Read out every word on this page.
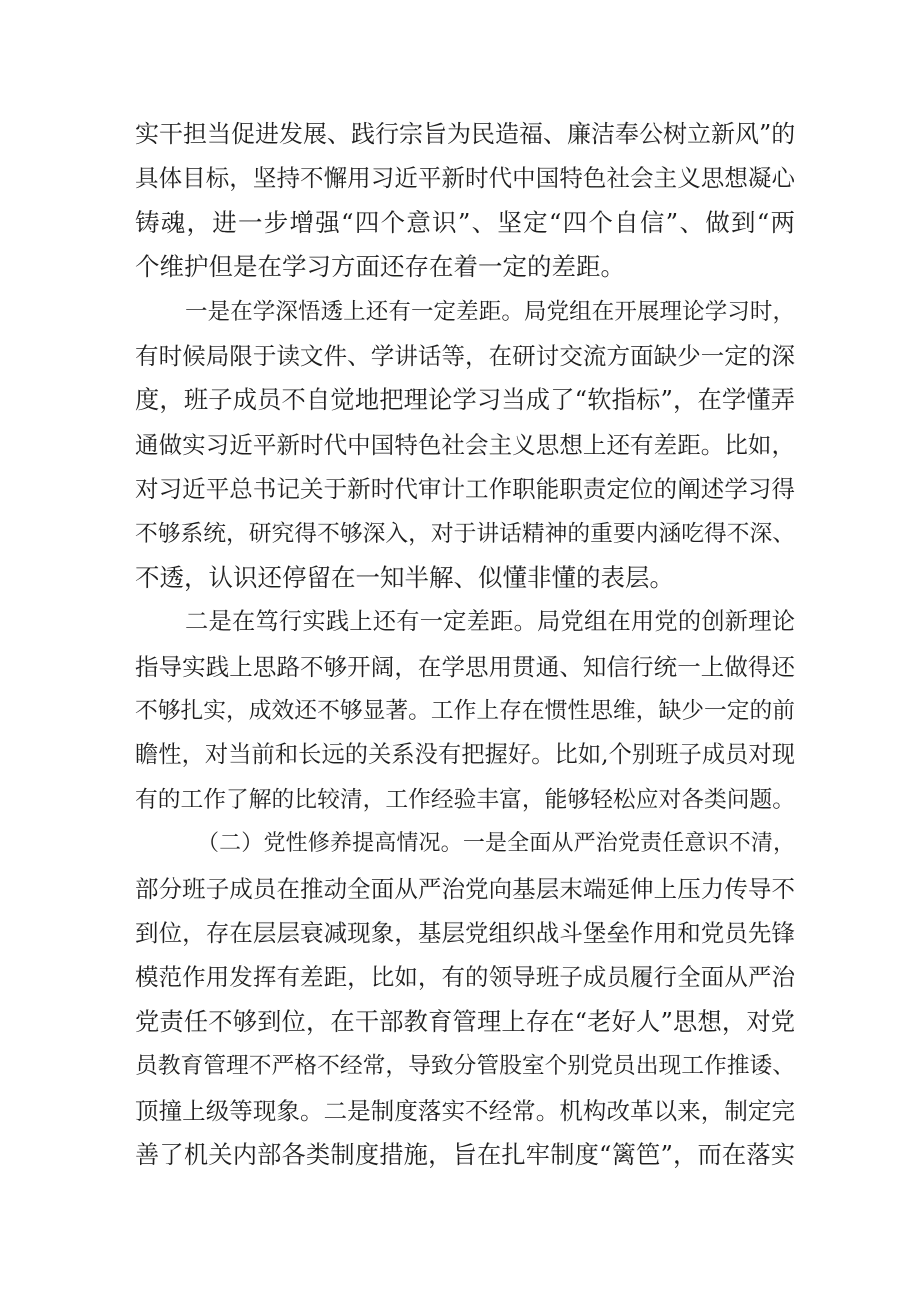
实干担当促进发展、践行宗旨为民造福、廉洁奉公树立新风”的
具体目标，坚持不懈用习近平新时代中国特色社会主义思想凝心
铸魂，进一步增强“四个意识”、坚定“四个自信”、做到“两
个维护但是在学习方面还存在着一定的差距。
一是在学深悟透上还有一定差距。局党组在开展理论学习时，
有时候局限于读文件、学讲话等，在研讨交流方面缺少一定的深
度，班子成员不自觉地把理论学习当成了“软指标”，在学懂弄
通做实习近平新时代中国特色社会主义思想上还有差距。比如，
对习近平总书记关于新时代审计工作职能职责定位的阐述学习得
不够系统，研究得不够深入，对于讲话精神的重要内涵吃得不深、
不透，认识还停留在一知半解、似懂非懂的表层。
二是在笃行实践上还有一定差距。局党组在用党的创新理论
指导实践上思路不够开阔，在学思用贯通、知信行统一上做得还
不够扎实，成效还不够显著。工作上存在惯性思维，缺少一定的前
瞻性，对当前和长远的关系没有把握好。比如,个别班子成员对现
有的工作了解的比较清，工作经验丰富，能够轻松应对各类问题。
（二）党性修养提高情况。一是全面从严治党责任意识不清，
部分班子成员在推动全面从严治党向基层末端延伸上压力传导不
到位，存在层层衰减现象，基层党组织战斗堡垒作用和党员先锋
模范作用发挥有差距，比如，有的领导班子成员履行全面从严治
党责任不够到位，在干部教育管理上存在“老好人”思想，对党
员教育管理不严格不经常，导致分管股室个别党员出现工作推诿、
顶撞上级等现象。二是制度落实不经常。机构改革以来，制定完
善了机关内部各类制度措施，旨在扎牢制度“篱笆”，而在落实
